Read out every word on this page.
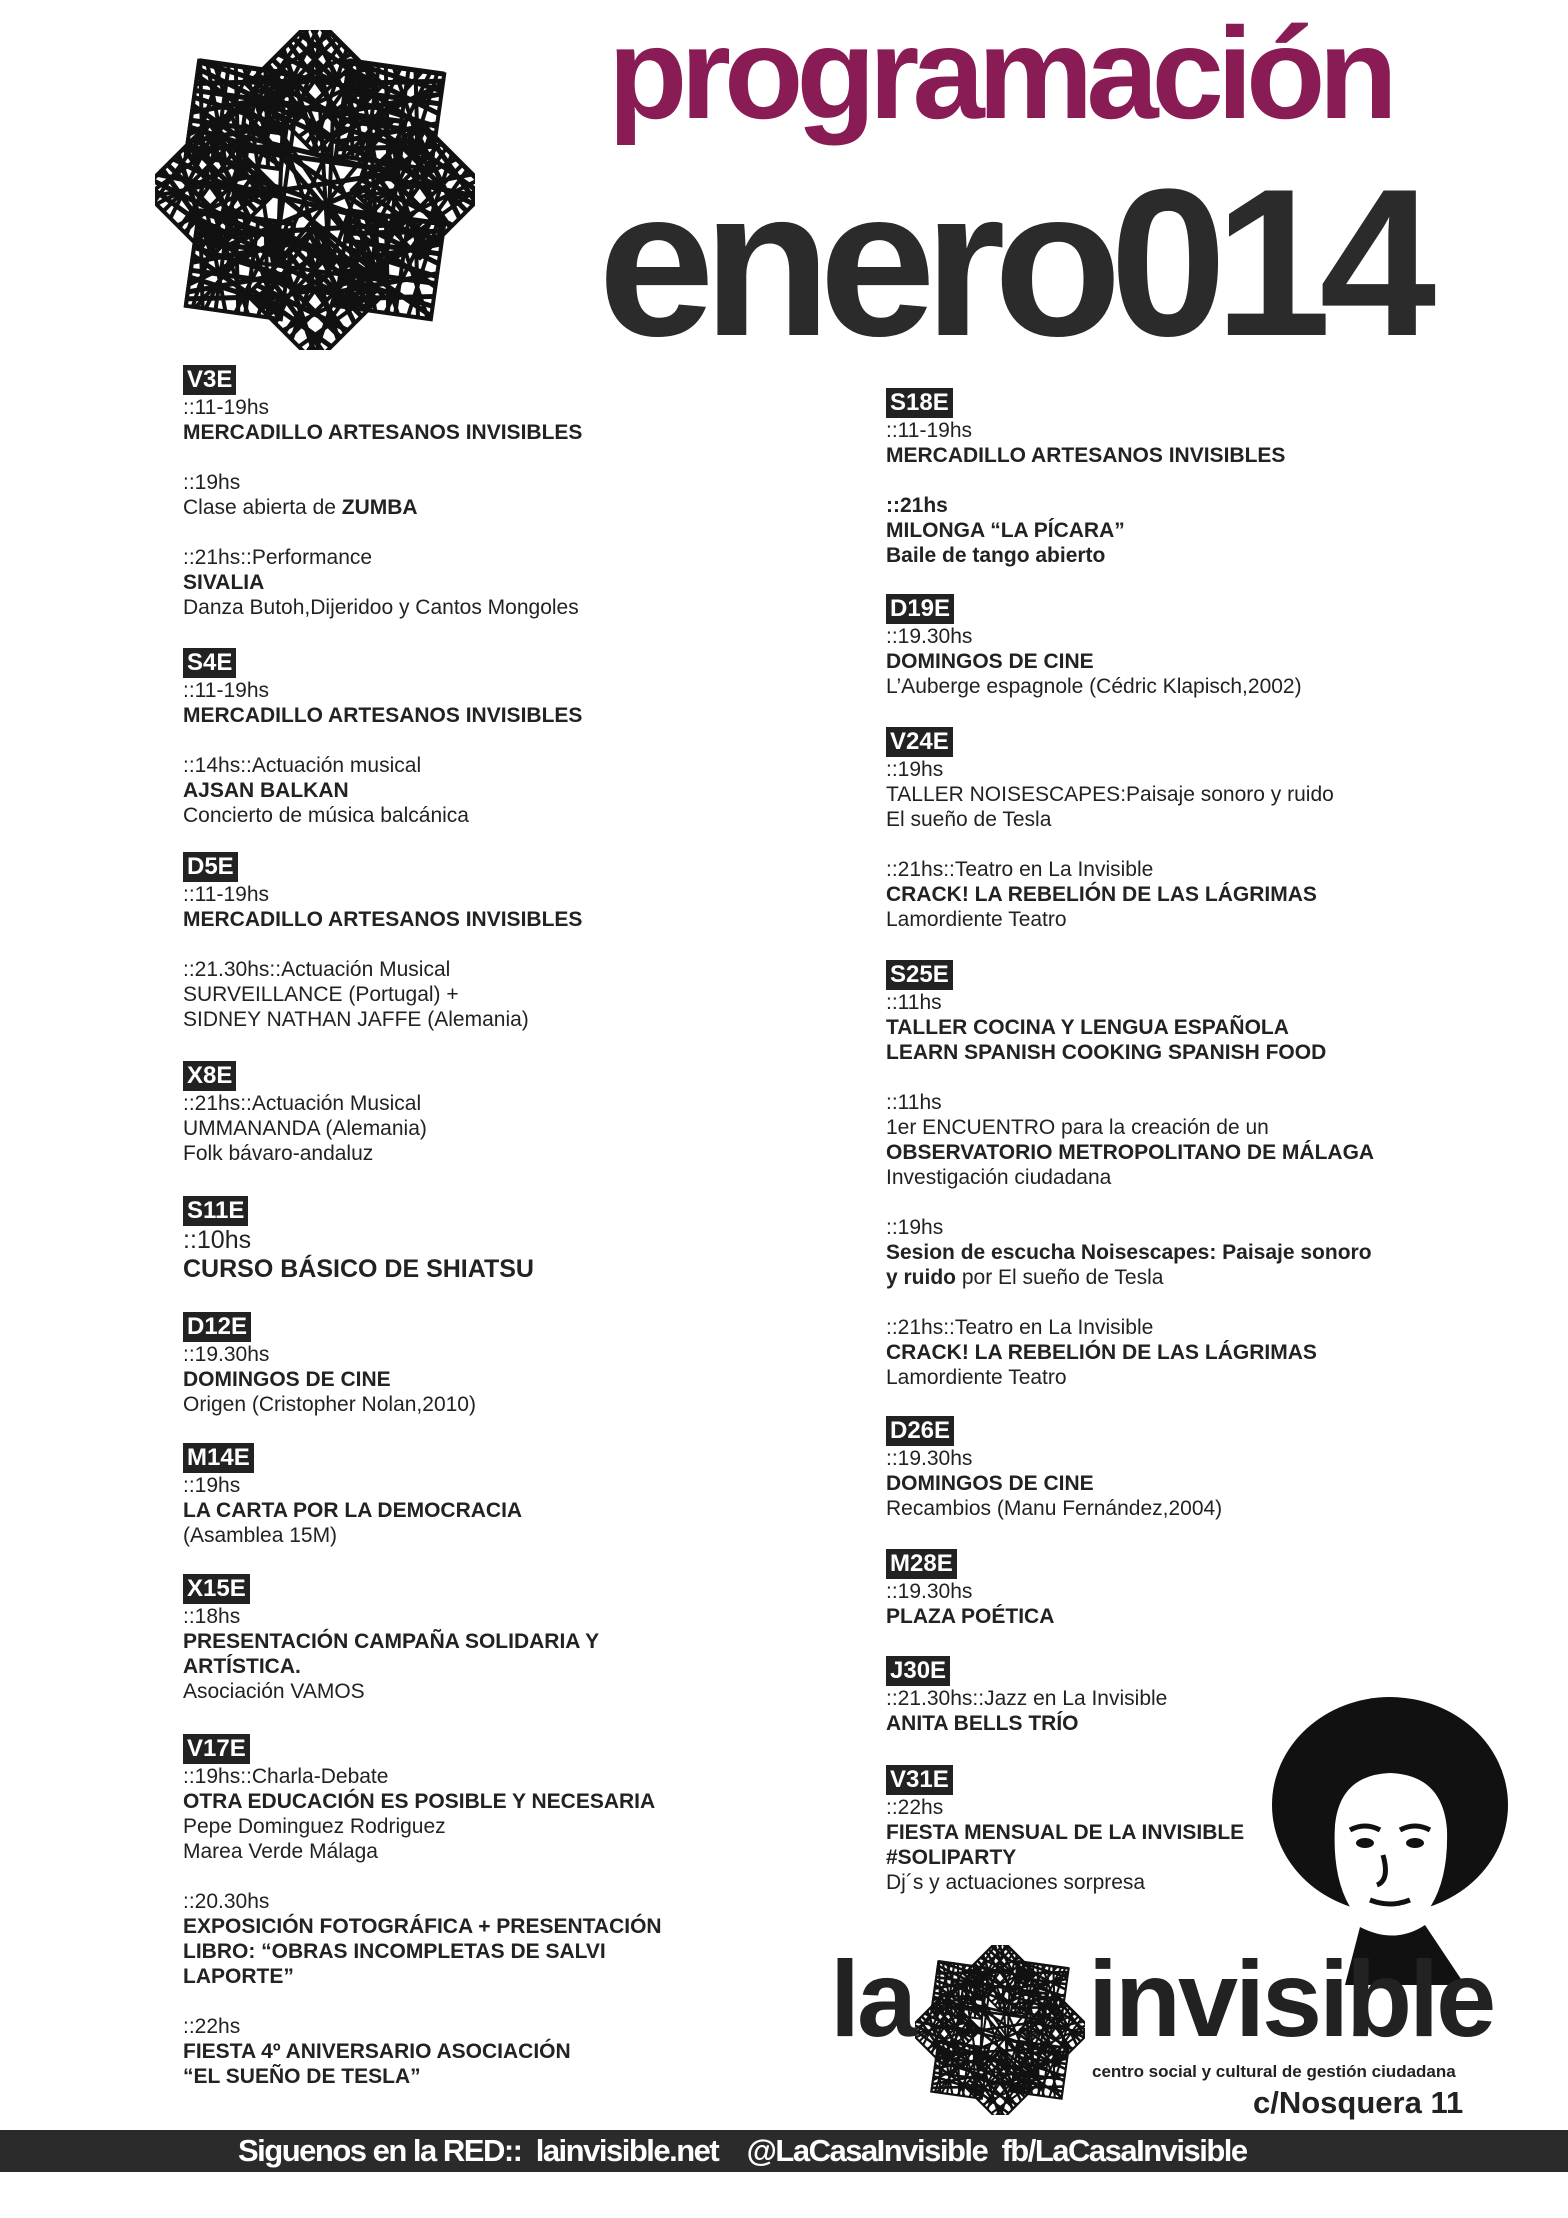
programación
enero014
V3E
::11-19hs
MERCADILLO ARTESANOS INVISIBLES
::19hs
Clase abierta de ZUMBA
::21hs::Performance
SIVALIA
Danza Butoh,Dijeridoo y Cantos Mongoles
S4E
::11-19hs
MERCADILLO ARTESANOS INVISIBLES
::14hs::Actuación musical
AJSAN BALKAN
Concierto de música balcánica
D5E
::11-19hs
MERCADILLO ARTESANOS INVISIBLES
::21.30hs::Actuación Musical
SURVEILLANCE (Portugal) +
SIDNEY NATHAN JAFFE (Alemania)
X8E
::21hs::Actuación Musical
UMMANANDA (Alemania)
Folk bávaro-andaluz
S11E
::10hs
CURSO BÁSICO DE SHIATSU
D12E
::19.30hs
DOMINGOS DE CINE
Origen (Cristopher Nolan,2010)
M14E
::19hs
LA CARTA POR LA DEMOCRACIA
(Asamblea 15M)
X15E
::18hs
PRESENTACIÓN CAMPAÑA SOLIDARIA Y
ARTÍSTICA.
Asociación VAMOS
V17E
::19hs::Charla-Debate
OTRA EDUCACIÓN ES POSIBLE Y NECESARIA
Pepe Dominguez Rodriguez
Marea Verde Málaga
::20.30hs
EXPOSICIÓN FOTOGRÁFICA + PRESENTACIÓN
LIBRO: “OBRAS INCOMPLETAS DE SALVI
LAPORTE”
::22hs
FIESTA 4º ANIVERSARIO ASOCIACIÓN
“EL SUEÑO DE TESLA”
S18E
::11-19hs
MERCADILLO ARTESANOS INVISIBLES
::21hs
MILONGA “LA PÍCARA”
Baile de tango abierto
D19E
::19.30hs
DOMINGOS DE CINE
L’Auberge espagnole (Cédric Klapisch,2002)
V24E
::19hs
TALLER NOISESCAPES:Paisaje sonoro y ruido
El sueño de Tesla
::21hs::Teatro en La Invisible
CRACK! LA REBELIÓN DE LAS LÁGRIMAS
Lamordiente Teatro
S25E
::11hs
TALLER COCINA Y LENGUA ESPAÑOLA
LEARN SPANISH COOKING SPANISH FOOD
::11hs
1er ENCUENTRO para la creación de un
OBSERVATORIO METROPOLITANO DE MÁLAGA
Investigación ciudadana
::19hs
Sesion de escucha Noisescapes: Paisaje sonoro
y ruido por El sueño de Tesla
::21hs::Teatro en La Invisible
CRACK! LA REBELIÓN DE LAS LÁGRIMAS
Lamordiente Teatro
D26E
::19.30hs
DOMINGOS DE CINE
Recambios (Manu Fernández,2004)
M28E
::19.30hs
PLAZA POÉTICA
J30E
::21.30hs::Jazz en La Invisible
ANITA BELLS TRÍO
V31E
::22hs
FIESTA MENSUAL DE LA INVISIBLE
#SOLIPARTY
Dj´s y actuaciones sorpresa
la invisible
centro social y cultural de gestión ciudadana
c/Nosquera 11
Siguenos en la RED::  lainvisible.net    @LaCasaInvisible  fb/LaCasaInvisible
